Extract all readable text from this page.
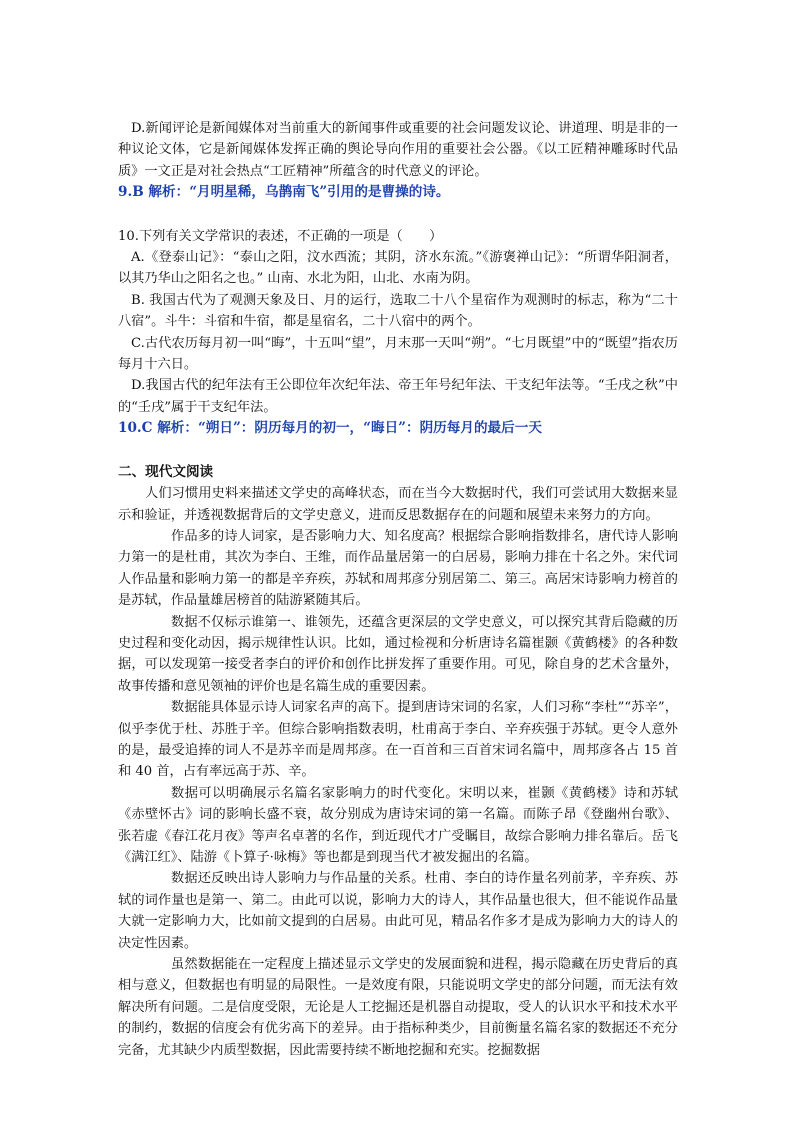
D.新闻评论是新闻媒体对当前重大的新闻事件或重要的社会问题发议论、讲道理、明是非的一种议论文体，它是新闻媒体发挥正确的舆论导向作用的重要社会公器。《以工匠精神雕琢时代品质》一文正是对社会热点“工匠精神”所蕴含的时代意义的评论。

9.B 解析：“月明星稀，乌鹊南飞”引用的是曹操的诗。

10.下列有关文学常识的表述，不正确的一项是（　　）

A.《登泰山记》：“泰山之阳，汶水西流；其阴，济水东流。”《游褒禅山记》：“所谓华阳洞者，以其乃华山之阳名之也。” 山南、水北为阳，山北、水南为阴。

B. 我国古代为了观测天象及日、月的运行，选取二十八个星宿作为观测时的标志，称为“二十八宿”。斗牛：斗宿和牛宿，都是星宿名，二十八宿中的两个。

C.古代农历每月初一叫“晦”，十五叫“望”，月末那一天叫“朔”。“七月既望”中的“既望”指农历每月十六日。

D.我国古代的纪年法有王公即位年次纪年法、帝王年号纪年法、干支纪年法等。“壬戌之秋”中的“壬戌”属于干支纪年法。

10.C 解析：“朔日”：阴历每月的初一，“晦日”：阴历每月的最后一天

二、现代文阅读

人们习惯用史料来描述文学史的高峰状态，而在当今大数据时代，我们可尝试用大数据来显示和验证，并透视数据背后的文学史意义，进而反思数据存在的问题和展望未来努力的方向。

作品多的诗人词家，是否影响力大、知名度高？根据综合影响指数排名，唐代诗人影响力第一的是杜甫，其次为李白、王维，而作品量居第一的白居易，影响力排在十名之外。宋代词人作品量和影响力第一的都是辛弃疾，苏轼和周邦彦分别居第二、第三。高居宋诗影响力榜首的是苏轼，作品量雄居榜首的陆游紧随其后。

数据不仅标示谁第一、谁领先，还蕴含更深层的文学史意义，可以探究其背后隐藏的历史过程和变化动因，揭示规律性认识。比如，通过检视和分析唐诗名篇崔颢《黄鹤楼》的各种数据，可以发现第一接受者李白的评价和创作比拼发挥了重要作用。可见，除自身的艺术含量外，故事传播和意见领袖的评价也是名篇生成的重要因素。

数据能具体显示诗人词家名声的高下。提到唐诗宋词的名家，人们习称“李杜”“苏辛”，似乎李优于杜、苏胜于辛。但综合影响指数表明，杜甫高于李白、辛弃疾强于苏轼。更令人意外的是，最受追捧的词人不是苏辛而是周邦彦。在一百首和三百首宋词名篇中，周邦彦各占 15 首和 40 首，占有率远高于苏、辛。

数据可以明确展示名篇名家影响力的时代变化。宋明以来，崔颢《黄鹤楼》诗和苏轼《赤壁怀古》词的影响长盛不衰，故分别成为唐诗宋词的第一名篇。而陈子昂《登幽州台歌》、张若虚《春江花月夜》等声名卓著的名作，到近现代才广受瞩目，故综合影响力排名靠后。岳飞《满江红》、陆游《卜算子·咏梅》等也都是到现当代才被发掘出的名篇。

数据还反映出诗人影响力与作品量的关系。杜甫、李白的诗作量名列前茅，辛弃疾、苏轼的词作量也是第一、第二。由此可以说，影响力大的诗人，其作品量也很大，但不能说作品量大就一定影响力大，比如前文提到的白居易。由此可见，精品名作多才是成为影响力大的诗人的决定性因素。

虽然数据能在一定程度上描述显示文学史的发展面貌和进程，揭示隐藏在历史背后的真相与意义，但数据也有明显的局限性。一是效度有限，只能说明文学史的部分问题，而无法有效解决所有问题。二是信度受限，无论是人工挖掘还是机器自动提取，受人的认识水平和技术水平的制约，数据的信度会有优劣高下的差异。由于指标种类少，目前衡量名篇名家的数据还不充分完备，尤其缺少内质型数据，因此需要持续不断地挖掘和充实。挖掘数据
